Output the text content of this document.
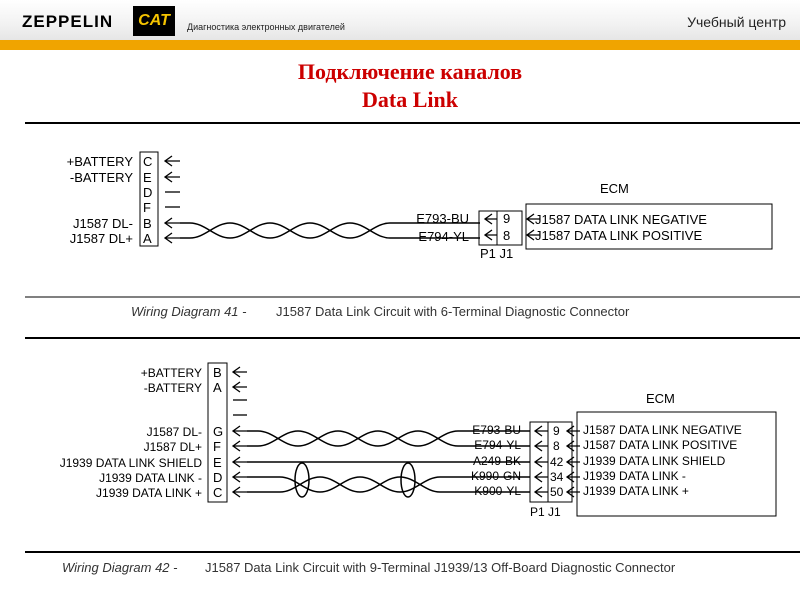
ZEPPELIN	CAT	Диагностика электронных двигателей	Учебный центр
Подключение каналов
Data Link
+BATTERY
-BATTERY
J1587 DL-
J1587 DL+
C
E
D
F
B
A
E793-BU
E794-YL
9
8
P1 J1
ECM
J1587 DATA LINK NEGATIVE
J1587 DATA LINK POSITIVE
Wiring Diagram 41 - J1587 Data Link Circuit with 6-Terminal Diagnostic Connector
+BATTERY
-BATTERY
J1587 DL-
J1587 DL+
J1939 DATA LINK SHIELD
J1939 DATA LINK -
J1939 DATA LINK +
B
A
G
F
E
D
C
E793-BU
E794-YL
A249-BK
K990-GN
K900-YL
9
8
42
34
50
P1 J1
ECM
J1587 DATA LINK NEGATIVE
J1587 DATA LINK POSITIVE
J1939 DATA LINK SHIELD
J1939 DATA LINK -
J1939 DATA LINK +
Wiring Diagram 42 - J1587 Data Link Circuit with 9-Terminal J1939/13 Off-Board Diagnostic Connector
